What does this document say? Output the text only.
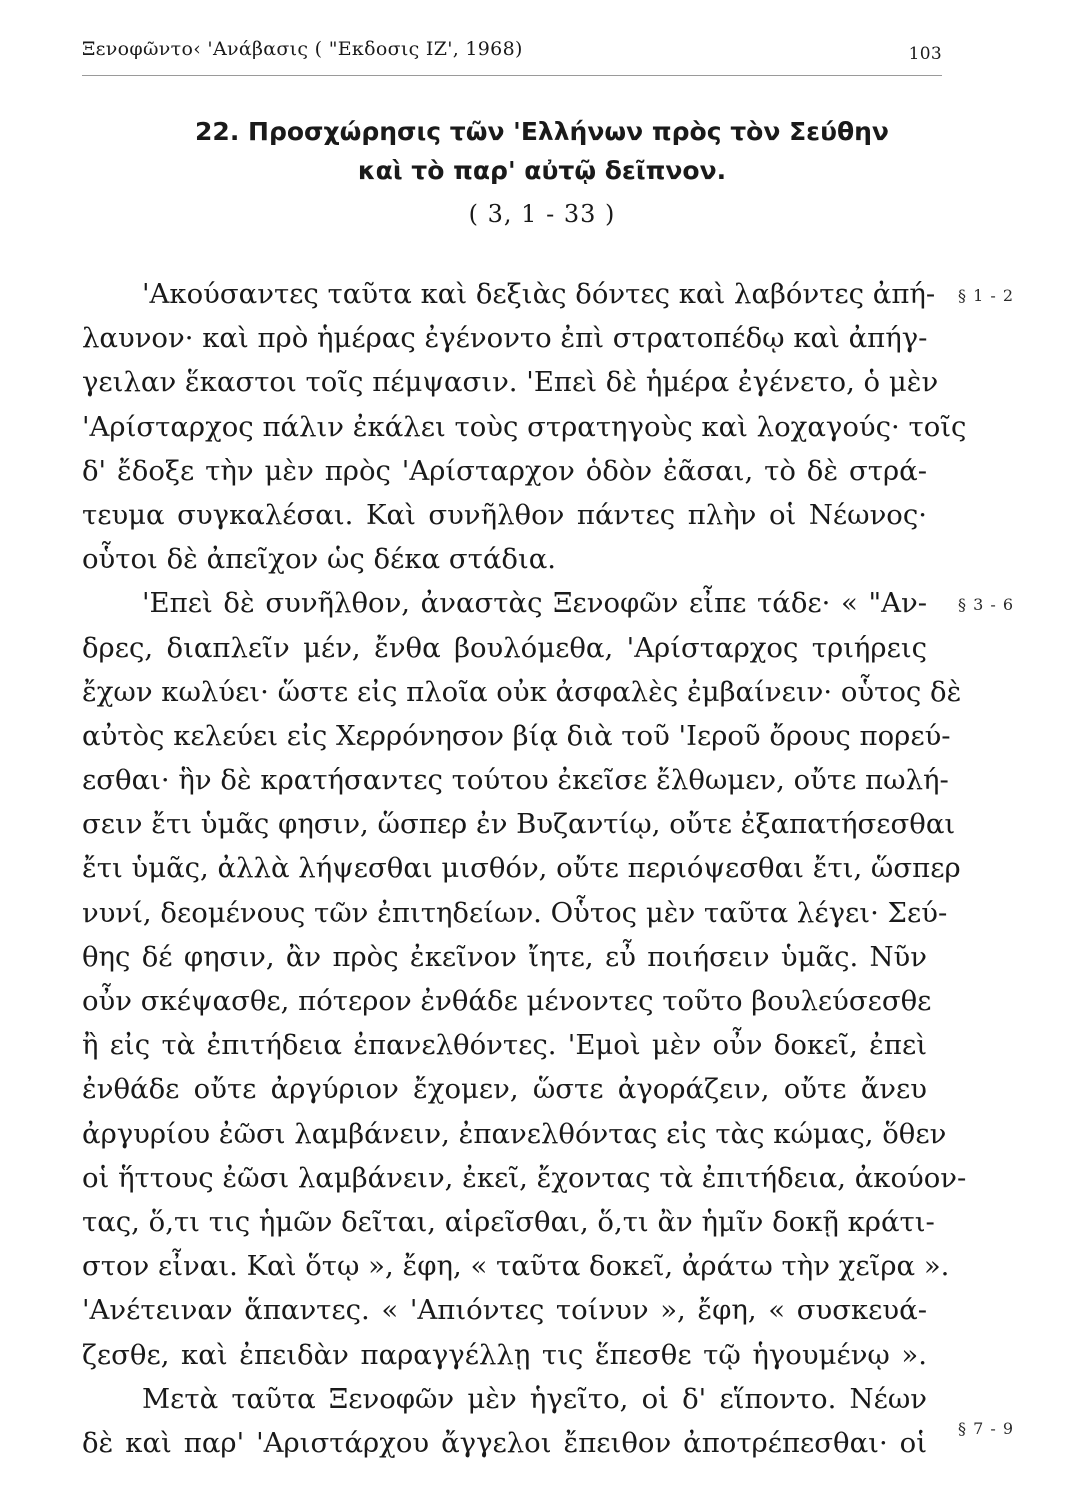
Ξενοφῶντο‹ 'Ανάβασις ( "Εκδοσις ΙΖ', 1968)	103
22. Προσχώρησις τῶν 'Ελλήνων πρὸς τὸν Σεύθην
καὶ τὸ παρ' αὐτῷ δεῖπνον.
( 3, 1 - 33 )
'Ακούσαντες ταῦτα καὶ δεξιὰς δόντες καὶ λαβόντες ἀπή-
λαυνον· καὶ πρὸ ἡμέρας ἐγένοντο ἐπὶ στρατοπέδῳ καὶ ἀπήγ-
γειλαν ἕκαστοι τοῖς πέμψασιν. 'Επεὶ δὲ ἡμέρα ἐγένετο, ὁ μὲν
'Αρίσταρχος πάλιν ἐκάλει τοὺς στρατηγοὺς καὶ λοχαγούς· τοῖς
δ' ἔδοξε τὴν μὲν πρὸς 'Αρίσταρχον ὁδὸν ἐᾶσαι, τὸ δὲ στρά-
τευμα συγκαλέσαι. Καὶ συνῆλθον πάντες πλὴν οἱ Νέωνος·
οὗτοι δὲ ἀπεῖχον ὡς δέκα στάδια.
'Επεὶ δὲ συνῆλθον, ἀναστὰς Ξενοφῶν εἶπε τάδε· « "Αν-
δρες, διαπλεῖν μέν, ἔνθα βουλόμεθα, 'Αρίσταρχος τριήρεις
ἔχων κωλύει· ὥστε εἰς πλοῖα οὐκ ἀσφαλὲς ἐμβαίνειν· οὗτος δὲ
αὐτὸς κελεύει εἰς Χερρόνησον βίᾳ διὰ τοῦ 'Ιεροῦ ὄρους πορεύ-
εσθαι· ἣν δὲ κρατήσαντες τούτου ἐκεῖσε ἔλθωμεν, οὔτε πωλή-
σειν ἔτι ὑμᾶς φησιν, ὥσπερ ἐν Βυζαντίῳ, οὔτε ἐξαπατήσεσθαι
ἔτι ὑμᾶς, ἀλλὰ λήψεσθαι μισθόν, οὔτε περιόψεσθαι ἔτι, ὥσπερ
νυνί, δεομένους τῶν ἐπιτηδείων. Οὗτος μὲν ταῦτα λέγει· Σεύ-
θης δέ φησιν, ἂν πρὸς ἐκεῖνον ἴητε, εὖ ποιήσειν ὑμᾶς. Νῦν
οὖν σκέψασθε, πότερον ἐνθάδε μένοντες τοῦτο βουλεύσεσθε
ἢ εἰς τὰ ἐπιτήδεια ἐπανελθόντες. 'Εμοὶ μὲν οὖν δοκεῖ, ἐπεὶ
ἐνθάδε οὔτε ἀργύριον ἔχομεν, ὥστε ἀγοράζειν, οὔτε ἄνευ
ἀργυρίου ἐῶσι λαμβάνειν, ἐπανελθόντας εἰς τὰς κώμας, ὅθεν
οἱ ἥττους ἐῶσι λαμβάνειν, ἐκεῖ, ἔχοντας τὰ ἐπιτήδεια, ἀκούον-
τας, ὅ,τι τις ἡμῶν δεῖται, αἱρεῖσθαι, ὅ,τι ἂν ἡμῖν δοκῇ κράτι-
στον εἶναι. Καὶ ὅτῳ », ἔφη, « ταῦτα δοκεῖ, ἀράτω τὴν χεῖρα ».
'Ανέτειναν ἅπαντες. « 'Απιόντες τοίνυν », ἔφη, « συσκευά-
ζεσθε, καὶ ἐπειδὰν παραγγέλλῃ τις ἕπεσθε τῷ ἡγουμένῳ ».
Μετὰ ταῦτα Ξενοφῶν μὲν ἡγεῖτο, οἱ δ' εἵποντο. Νέων
δὲ καὶ παρ' 'Αριστάρχου ἄγγελοι ἔπειθον ἀποτρέπεσθαι· οἱ
§ 1 - 2
§ 3 - 6
§ 7 - 9
